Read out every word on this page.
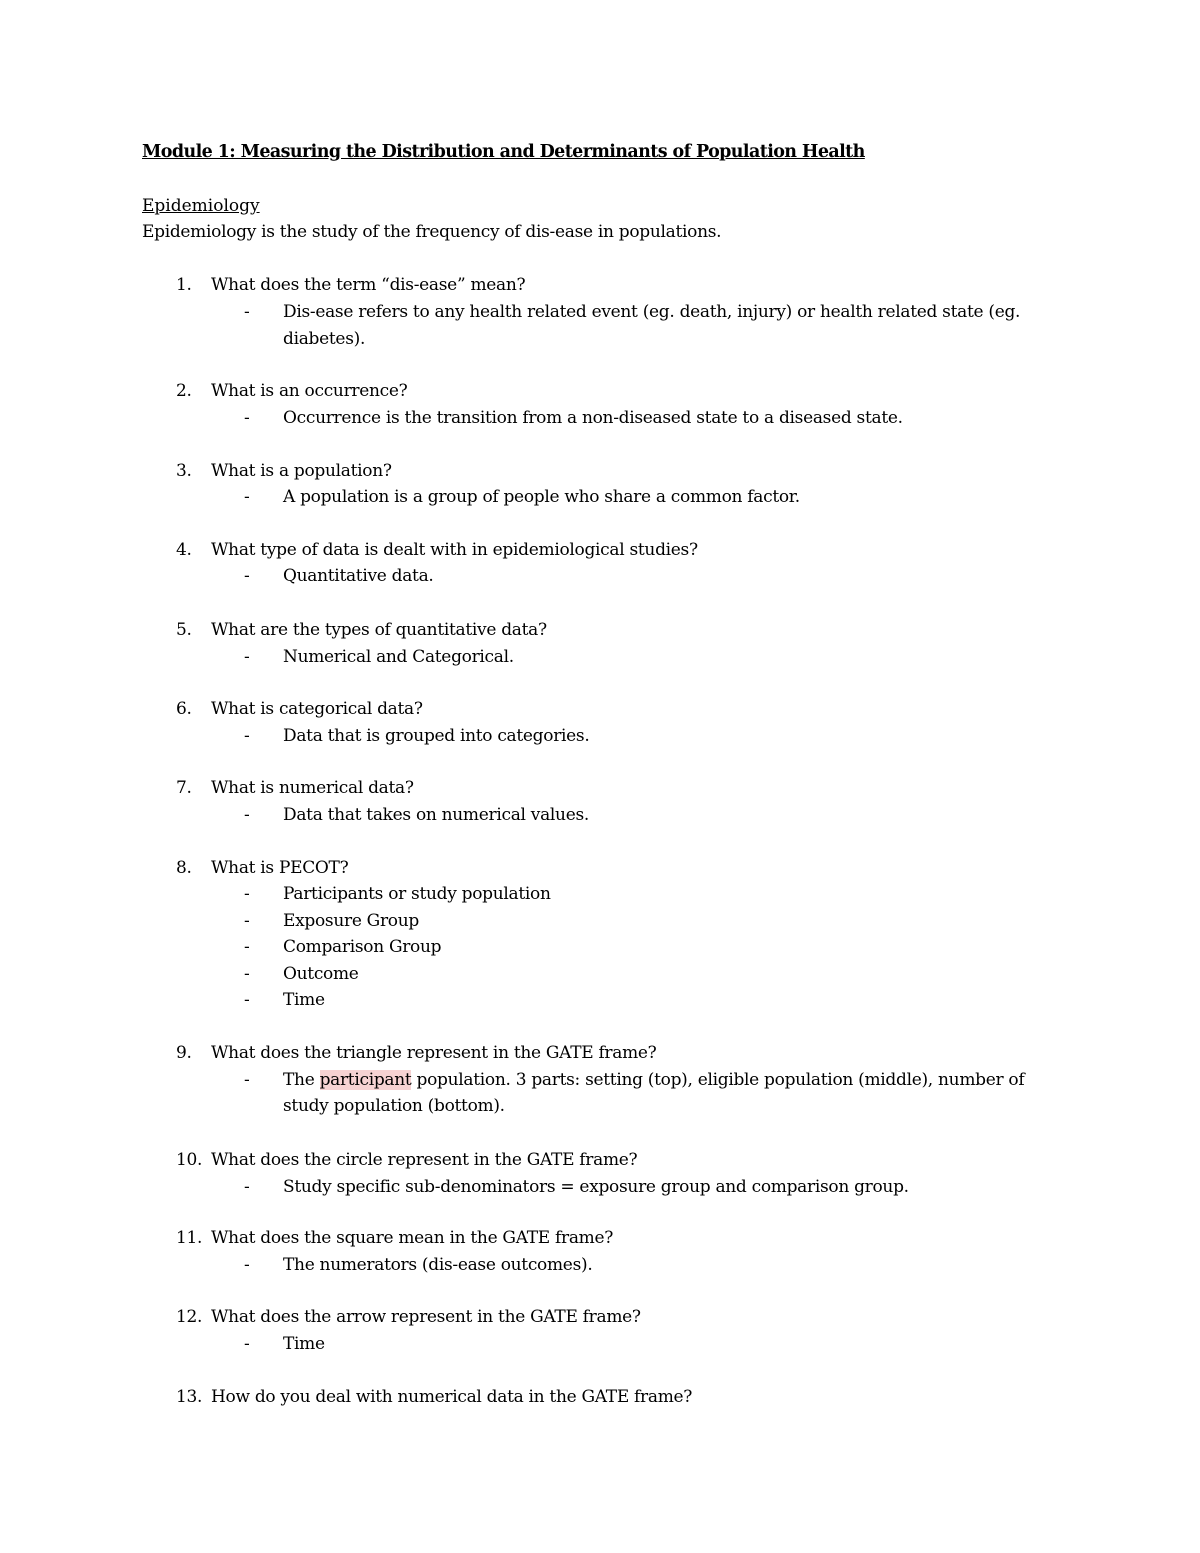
Module 1: Measuring the Distribution and Determinants of Population Health
Epidemiology
Epidemiology is the study of the frequency of dis-ease in populations.
1. What does the term “dis-ease” mean?
- Dis-ease refers to any health related event (eg. death, injury) or health related state (eg.
diabetes).
2. What is an occurrence?
- Occurrence is the transition from a non-diseased state to a diseased state.
3. What is a population?
- A population is a group of people who share a common factor.
4. What type of data is dealt with in epidemiological studies?
- Quantitative data.
5. What are the types of quantitative data?
- Numerical and Categorical.
6. What is categorical data?
- Data that is grouped into categories.
7. What is numerical data?
- Data that takes on numerical values.
8. What is PECOT?
- Participants or study population
- Exposure Group
- Comparison Group
- Outcome
- Time
9. What does the triangle represent in the GATE frame?
- The participant population. 3 parts: setting (top), eligible population (middle), number of
study population (bottom).
10. What does the circle represent in the GATE frame?
- Study specific sub-denominators = exposure group and comparison group.
11. What does the square mean in the GATE frame?
- The numerators (dis-ease outcomes).
12. What does the arrow represent in the GATE frame?
- Time
13. How do you deal with numerical data in the GATE frame?
